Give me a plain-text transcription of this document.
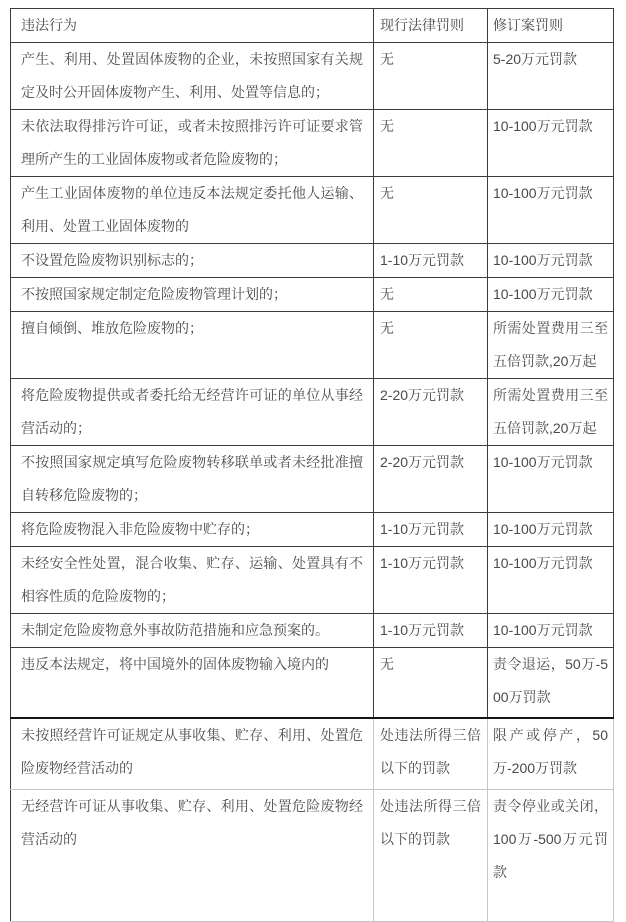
违法行为	现行法律罚则	修订案罚则
产生、利用、处置固体废物的企业，未按照国家有关规定及时公开固体废物产生、利用、处置等信息的；	无	5-20万元罚款
未依法取得排污许可证，或者未按照排污许可证要求管理所产生的工业固体废物或者危险废物的；	无	10-100万元罚款
产生工业固体废物的单位违反本法规定委托他人运输、利用、处置工业固体废物的	无	10-100万元罚款
不设置危险废物识别标志的；	1-10万元罚款	10-100万元罚款
不按照国家规定制定危险废物管理计划的；	无	10-100万元罚款
擅自倾倒、堆放危险废物的；	无	所需处置费用三至五倍罚款,20万起
将危险废物提供或者委托给无经营许可证的单位从事经营活动的；	2-20万元罚款	所需处置费用三至五倍罚款,20万起
不按照国家规定填写危险废物转移联单或者未经批准擅自转移危险废物的；	2-20万元罚款	10-100万元罚款
将危险废物混入非危险废物中贮存的；	1-10万元罚款	10-100万元罚款
未经安全性处置，混合收集、贮存、运输、处置具有不相容性质的危险废物的；	1-10万元罚款	10-100万元罚款
未制定危险废物意外事故防范措施和应急预案的。	1-10万元罚款	10-100万元罚款
违反本法规定，将中国境外的固体废物输入境内的	无	责令退运，50万-500万罚款
未按照经营许可证规定从事收集、贮存、利用、处置危险废物经营活动的	处违法所得三倍以下的罚款	限产或停产，50万-200万罚款
无经营许可证从事收集、贮存、利用、处置危险废物经营活动的	处违法所得三倍以下的罚款	责令停业或关闭，100万-500万元罚款
